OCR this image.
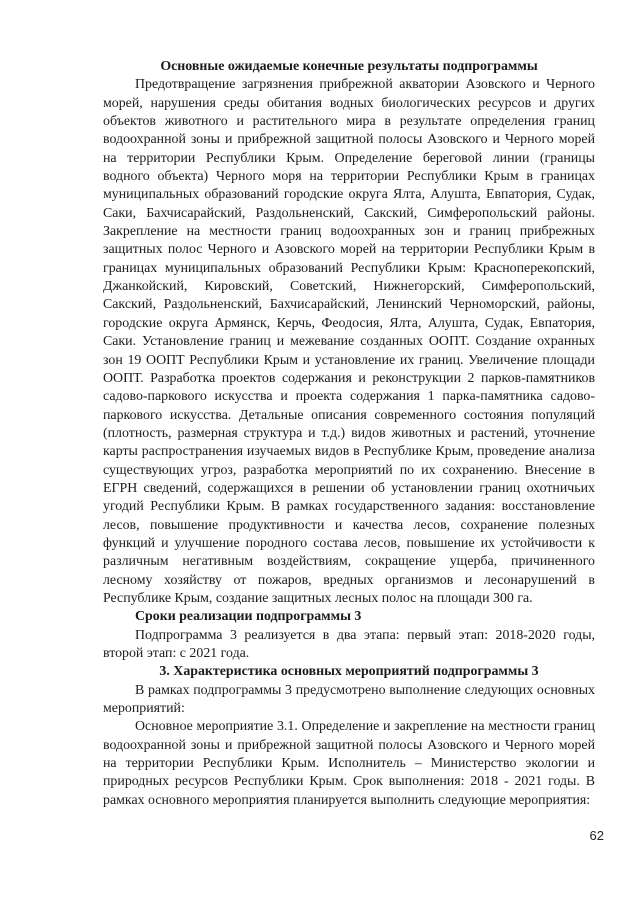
Основные ожидаемые конечные результаты подпрограммы

Предотвращение загрязнения прибрежной акватории Азовского и Черного морей, нарушения среды обитания водных биологических ресурсов и других объектов животного и растительного мира в результате определения границ водоохранной зоны и прибрежной защитной полосы Азовского и Черного морей на территории Республики Крым. Определение береговой линии (границы водного объекта) Черного моря на территории Республики Крым в границах муниципальных образований городские округа Ялта, Алушта, Евпатория, Судак, Саки, Бахчисарайский, Раздольненский, Сакский, Симферопольский районы. Закрепление на местности границ водоохранных зон и границ прибрежных защитных полос Черного и Азовского морей на территории Республики Крым в границах муниципальных образований Республики Крым: Красноперекопский, Джанкойский, Кировский, Советский, Нижнегорский, Симферопольский, Сакский, Раздольненский, Бахчисарайский, Ленинский Черноморский, районы, городские округа Армянск, Керчь, Феодосия, Ялта, Алушта, Судак, Евпатория, Саки. Установление границ и межевание созданных ООПТ. Создание охранных зон 19 ООПТ Республики Крым и установление их границ. Увеличение площади ООПТ. Разработка проектов содержания и реконструкции 2 парков-памятников садово-паркового искусства и проекта содержания 1 парка-памятника садово-паркового искусства. Детальные описания современного состояния популяций (плотность, размерная структура и т.д.) видов животных и растений, уточнение карты распространения изучаемых видов в Республике Крым, проведение анализа существующих угроз, разработка мероприятий по их сохранению. Внесение в ЕГРН сведений, содержащихся в решении об установлении границ охотничьих угодий Республики Крым. В рамках государственного задания: восстановление лесов, повышение продуктивности и качества лесов, сохранение полезных функций и улучшение породного состава лесов, повышение их устойчивости к различным негативным воздействиям, сокращение ущерба, причиненного лесному хозяйству от пожаров, вредных организмов и лесонарушений в Республике Крым, создание защитных лесных полос на площади 300 га.

Сроки реализации подпрограммы 3

Подпрограмма 3 реализуется в два этапа: первый этап: 2018-2020 годы, второй этап: с 2021 года.

3. Характеристика основных мероприятий подпрограммы 3

В рамках подпрограммы 3 предусмотрено выполнение следующих основных мероприятий:

Основное мероприятие 3.1. Определение и закрепление на местности границ водоохранной зоны и прибрежной защитной полосы Азовского и Черного морей на территории Республики Крым. Исполнитель – Министерство экологии и природных ресурсов Республики Крым. Срок выполнения: 2018 - 2021 годы. В рамках основного мероприятия планируется выполнить следующие мероприятия:

62
